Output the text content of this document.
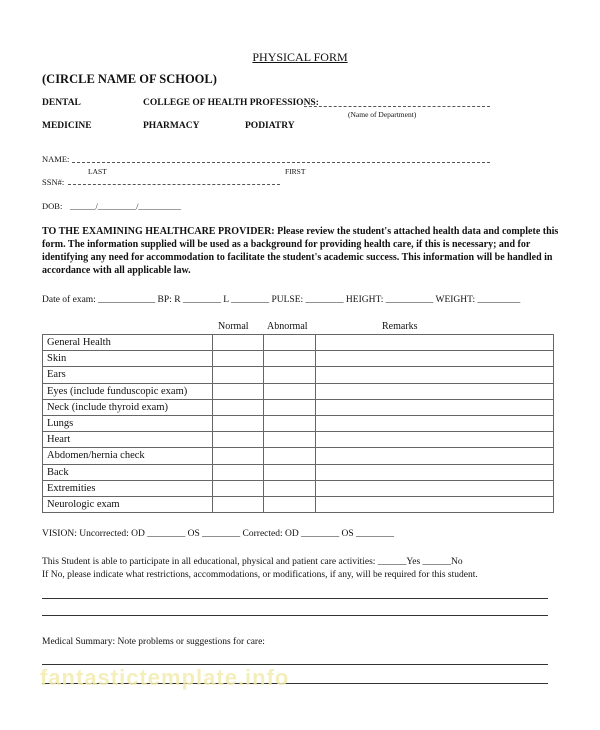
PHYSICAL FORM
(CIRCLE NAME OF SCHOOL)
DENTAL	COLLEGE OF HEALTH PROFESSIONS:
(Name of Department)
MEDICINE	PHARMACY	PODIATRY
NAME:
LAST	FIRST
SSN#:
DOB: ______/_________/__________
TO THE EXAMINING HEALTHCARE PROVIDER: Please review the student's attached health data and complete this form. The information supplied will be used as a background for providing health care, if this is necessary; and for identifying any need for accommodation to facilitate the student's academic success. This information will be handled in accordance with all applicable law.
Date of exam: ____________ BP: R ________ L ________ PULSE: ________ HEIGHT: __________ WEIGHT: _________
Normal Abnormal	Remarks
General Health			
Skin			
Ears			
Eyes (include funduscopic exam)			
Neck (include thyroid exam)			
Lungs			
Heart			
Abdomen/hernia check			
Back			
Extremities			
Neurologic exam			
VISION: Uncorrected: OD ________ OS ________ Corrected: OD ________ OS ________
This Student is able to participate in all educational, physical and patient care activities: ______Yes ______No
If No, please indicate what restrictions, accommodations, or modifications, if any, will be required for this student.
Medical Summary: Note problems or suggestions for care:
fantastictemplate.info
